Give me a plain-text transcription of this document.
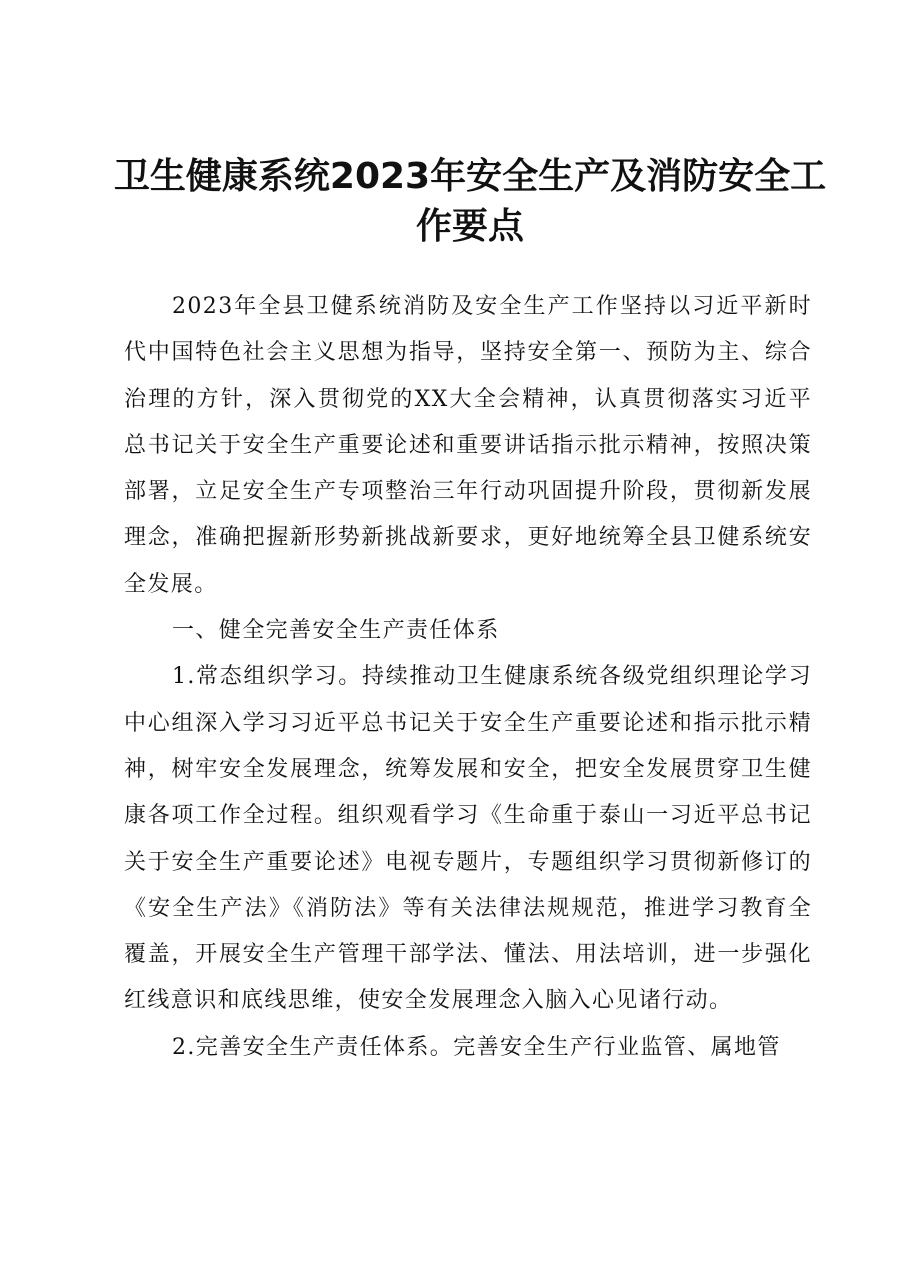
卫生健康系统2023年安全生产及消防安全工作要点

2023年全县卫健系统消防及安全生产工作坚持以习近平新时代中国特色社会主义思想为指导，坚持安全第一、预防为主、综合治理的方针，深入贯彻党的XX大全会精神，认真贯彻落实习近平总书记关于安全生产重要论述和重要讲话指示批示精神，按照决策部署，立足安全生产专项整治三年行动巩固提升阶段，贯彻新发展理念，准确把握新形势新挑战新要求，更好地统筹全县卫健系统安全发展。

一、健全完善安全生产责任体系

1.常态组织学习。持续推动卫生健康系统各级党组织理论学习中心组深入学习习近平总书记关于安全生产重要论述和指示批示精神，树牢安全发展理念，统筹发展和安全，把安全发展贯穿卫生健康各项工作全过程。组织观看学习《生命重于泰山一习近平总书记关于安全生产重要论述》电视专题片，专题组织学习贯彻新修订的《安全生产法》《消防法》等有关法律法规规范，推进学习教育全覆盖，开展安全生产管理干部学法、懂法、用法培训，进一步强化红线意识和底线思维，使安全发展理念入脑入心见诸行动。

2.完善安全生产责任体系。完善安全生产行业监管、属地管
